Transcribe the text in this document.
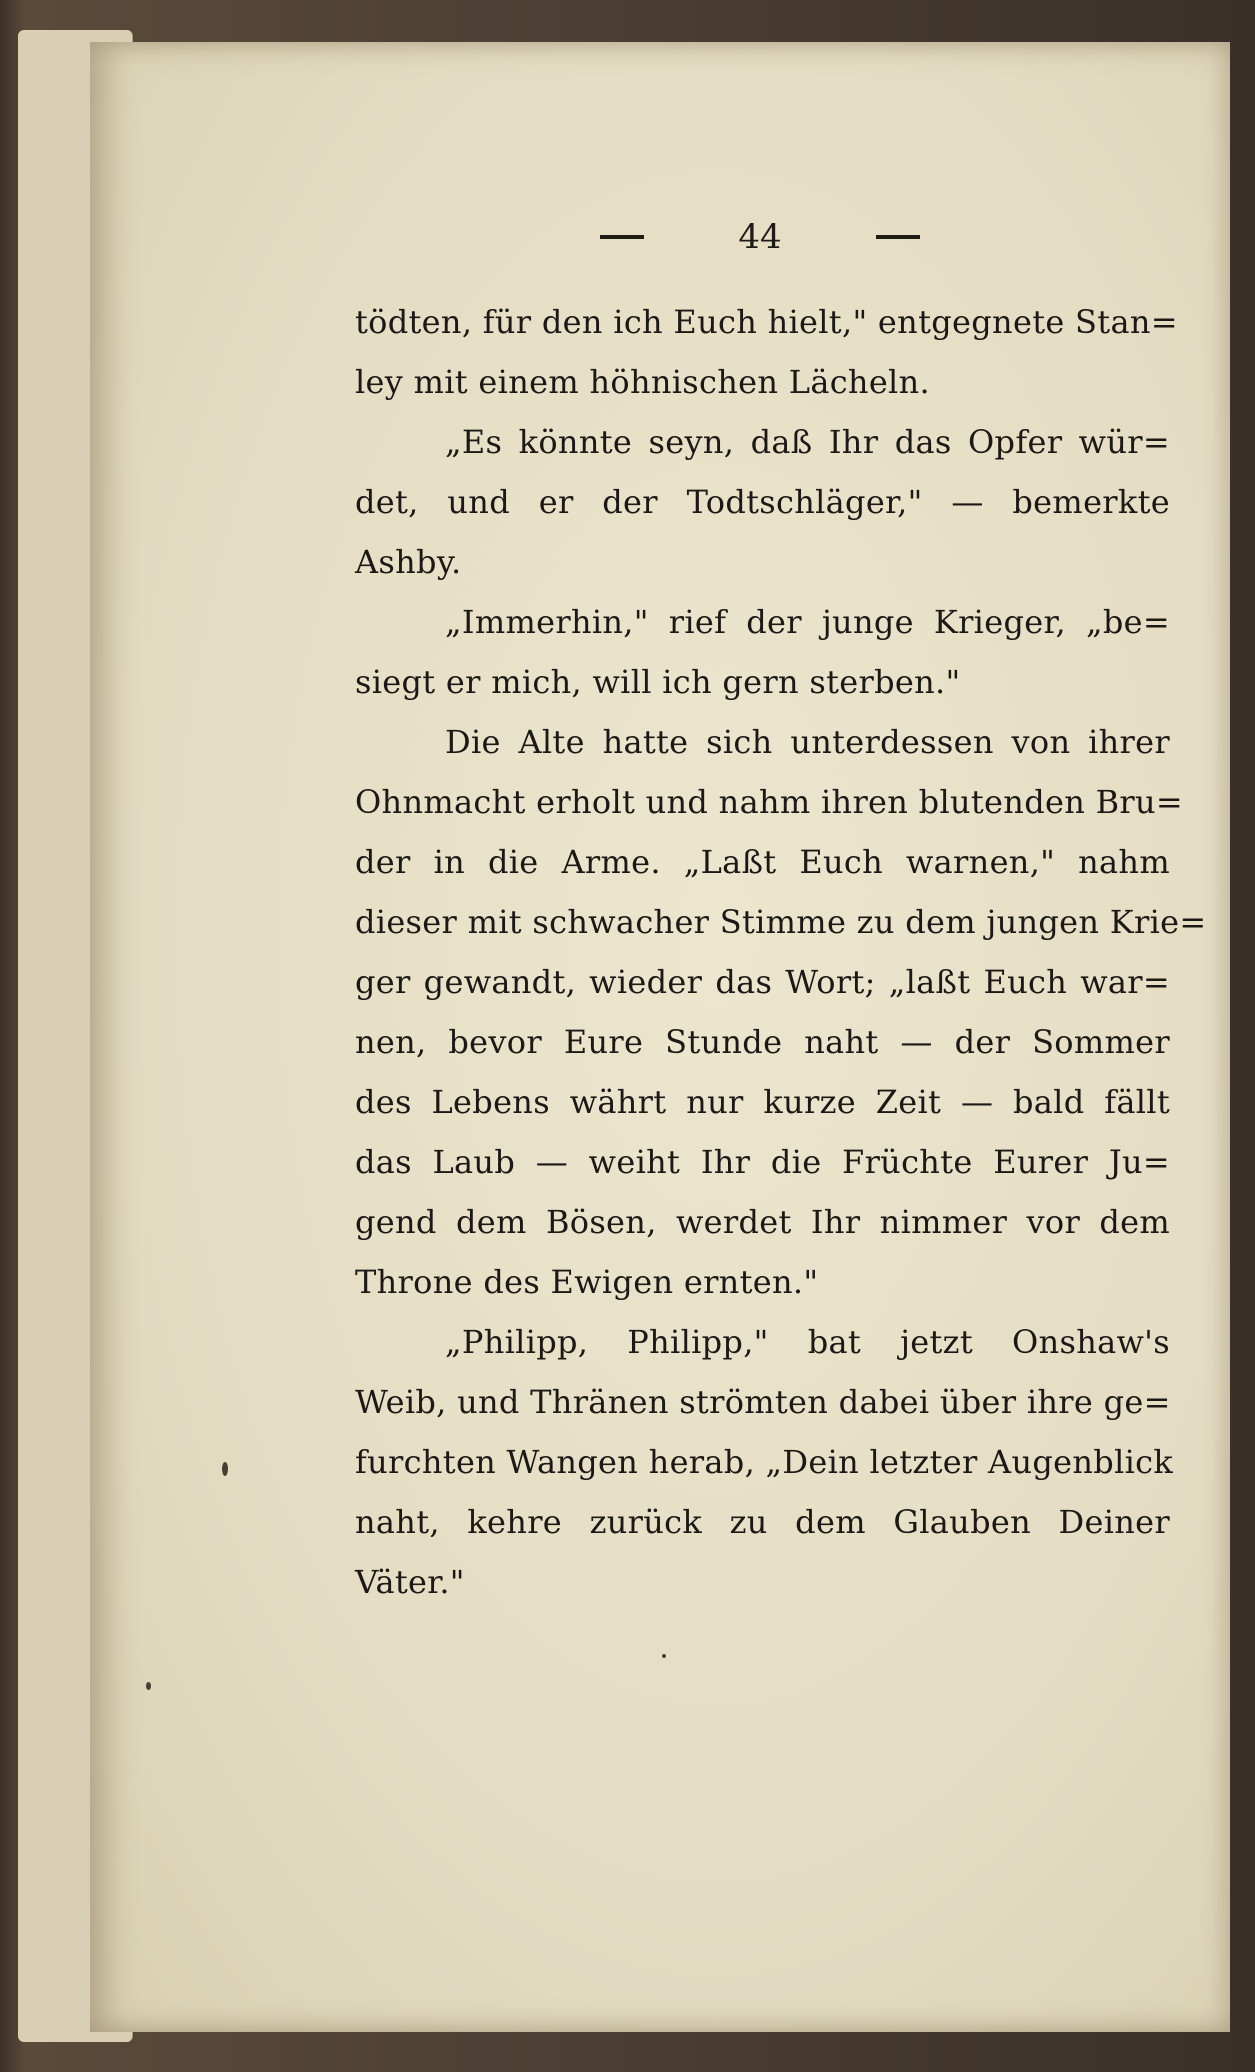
44
tödten, für den ich Euch hielt," entgegnete Stan=
ley mit einem höhnischen Lächeln.
„Es könnte seyn, daß Ihr das Opfer wür=
det, und er der Todtschläger," — bemerkte
Ashby.
„Immerhin," rief der junge Krieger, „be=
siegt er mich, will ich gern sterben."
Die Alte hatte sich unterdessen von ihrer
Ohnmacht erholt und nahm ihren blutenden Bru=
der in die Arme. „Laßt Euch warnen," nahm
dieser mit schwacher Stimme zu dem jungen Krie=
ger gewandt, wieder das Wort; „laßt Euch war=
nen, bevor Eure Stunde naht — der Sommer
des Lebens währt nur kurze Zeit — bald fällt
das Laub — weiht Ihr die Früchte Eurer Ju=
gend dem Bösen, werdet Ihr nimmer vor dem
Throne des Ewigen ernten."
„Philipp, Philipp," bat jetzt Onshaw's
Weib, und Thränen strömten dabei über ihre ge=
furchten Wangen herab, „Dein letzter Augenblick
naht, kehre zurück zu dem Glauben Deiner
Väter."
